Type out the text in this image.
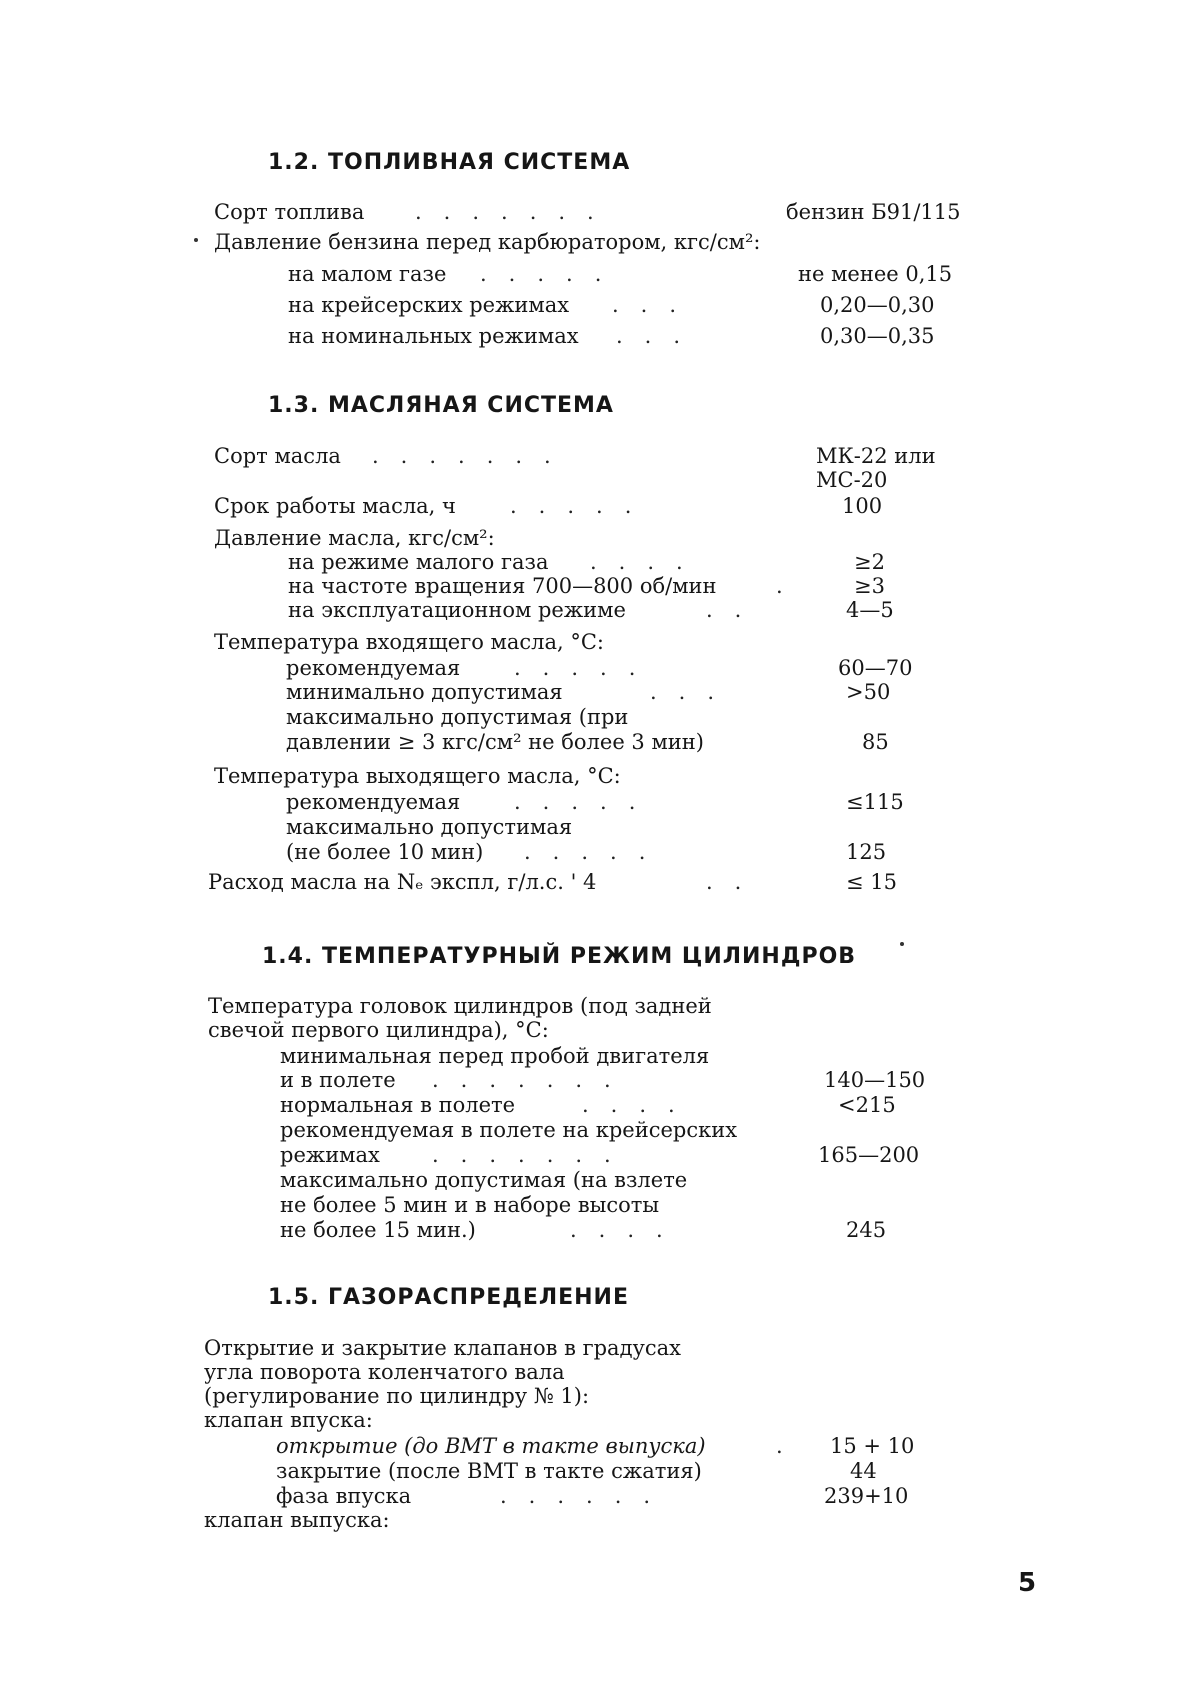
1.2. ТОПЛИВНАЯ СИСТЕМА
Сорт топлива .......	бензин Б91/115
Давление бензина перед карбюратором, кгс/см²:
на малом газе .....	не менее 0,15
на крейсерских режимах ...	0,20—0,30
на номинальных режимах ...	0,30—0,35
1.3. МАСЛЯНАЯ СИСТЕМА
Сорт масла .......	МК-22 или
МС-20
Срок работы масла, ч	.....	100
Давление масла, кгс/см²:
на режиме малого газа ....	≥2
на частоте вращения 700—800 об/мин	. ≥3
на эксплуатационном режиме	..	4—5
Температура входящего масла, °С:
рекомендуемая	.....	60—70
минимально допустимая	...	>50
максимально допустимая (при
давлении ≥ 3 кгс/см² не более 3 мин)	85
Температура выходящего масла, °С:
рекомендуемая	.....	≤115
максимально допустимая
(не более 10 мин) .....	125
Расход масла на Nₑ экспл, г/л.с. ' 4	..	≤ 15
1.4. ТЕМПЕРАТУРНЫЙ РЕЖИМ ЦИЛИНДРОВ
Температура головок цилиндров (под задней
свечой первого цилиндра), °С:
минимальная перед пробой двигателя
и в полете .......	140—150
нормальная в полете	....	<215
рекомендуемая в полете на крейсерских
режимах .......	165—200
максимально допустимая (на взлете
не более 5 мин и в наборе высоты
не более 15 мин.)	....	245
1.5. ГАЗОРАСПРЕДЕЛЕНИЕ
Открытие и закрытие клапанов в градусах
угла поворота коленчатого вала
(регулирование по цилиндру № 1):
клапан впуска:
открытие (до ВМТ в такте выпуска)	. 15 + 10
закрытие (после ВМТ в такте сжатия)	44
фаза впуска	......	239+10
клапан выпуска:
5
